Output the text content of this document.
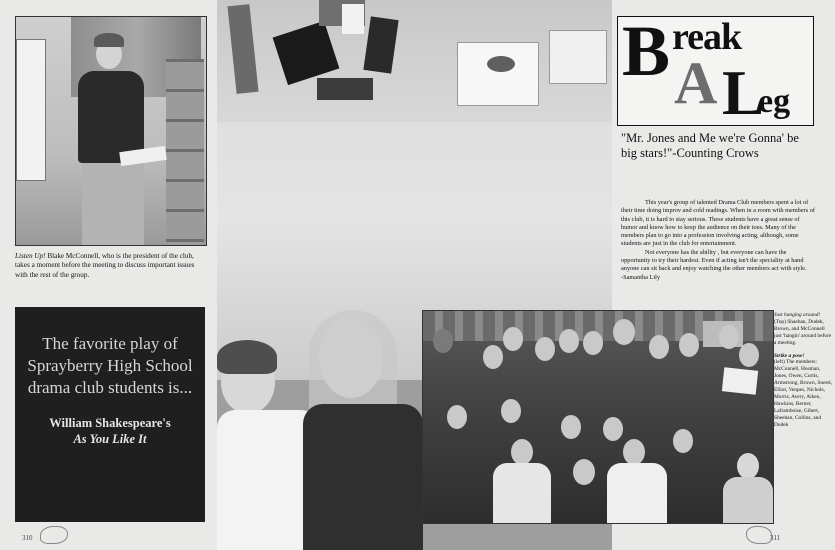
Listen Up! Blake McConnell, who is the president of the club, takes a moment before the meeting to discuss important issues with the rest of the group.
The favorite play of
Sprayberry High School
drama club students is...
William Shakespeare's
As You Like It
310	311
B reak
A L
eg
"Mr. Jones and Me we're Gonna' be big stars!"-Counting Crows

This year's group of talented Drama Club members spent a lot of their time doing improv and cold readings. When in a room with members of this club, it is hard to stay serious. These students have a great sense of humor and know how to keep the audience on their toes. Many of the members plan to go into a profession involving acting, although, some students are just in the club for entertainment.

Not everyone has the ability , but everyone can have the opportunity to try their hardest. Even if acting isn't the speciality at hand anyone can sit back and enjoy watching the other members act with style.

-Samantha Lily
Just hanging around!
(Top) Shaeban, Dudek, Brown, and McConnell just 'hangin' around before a meeting.
Strike a pose!
(left) The members: McConnell, Hosman, Jones, Owen, Curtis, Armstrong, Brown, Sneed, Elliot, Venpes, Nichols, Morris, Avery, Aiken, Hawkins, Berner, Laframboise, Gibert, Sheehan, Collins, and Dudek
